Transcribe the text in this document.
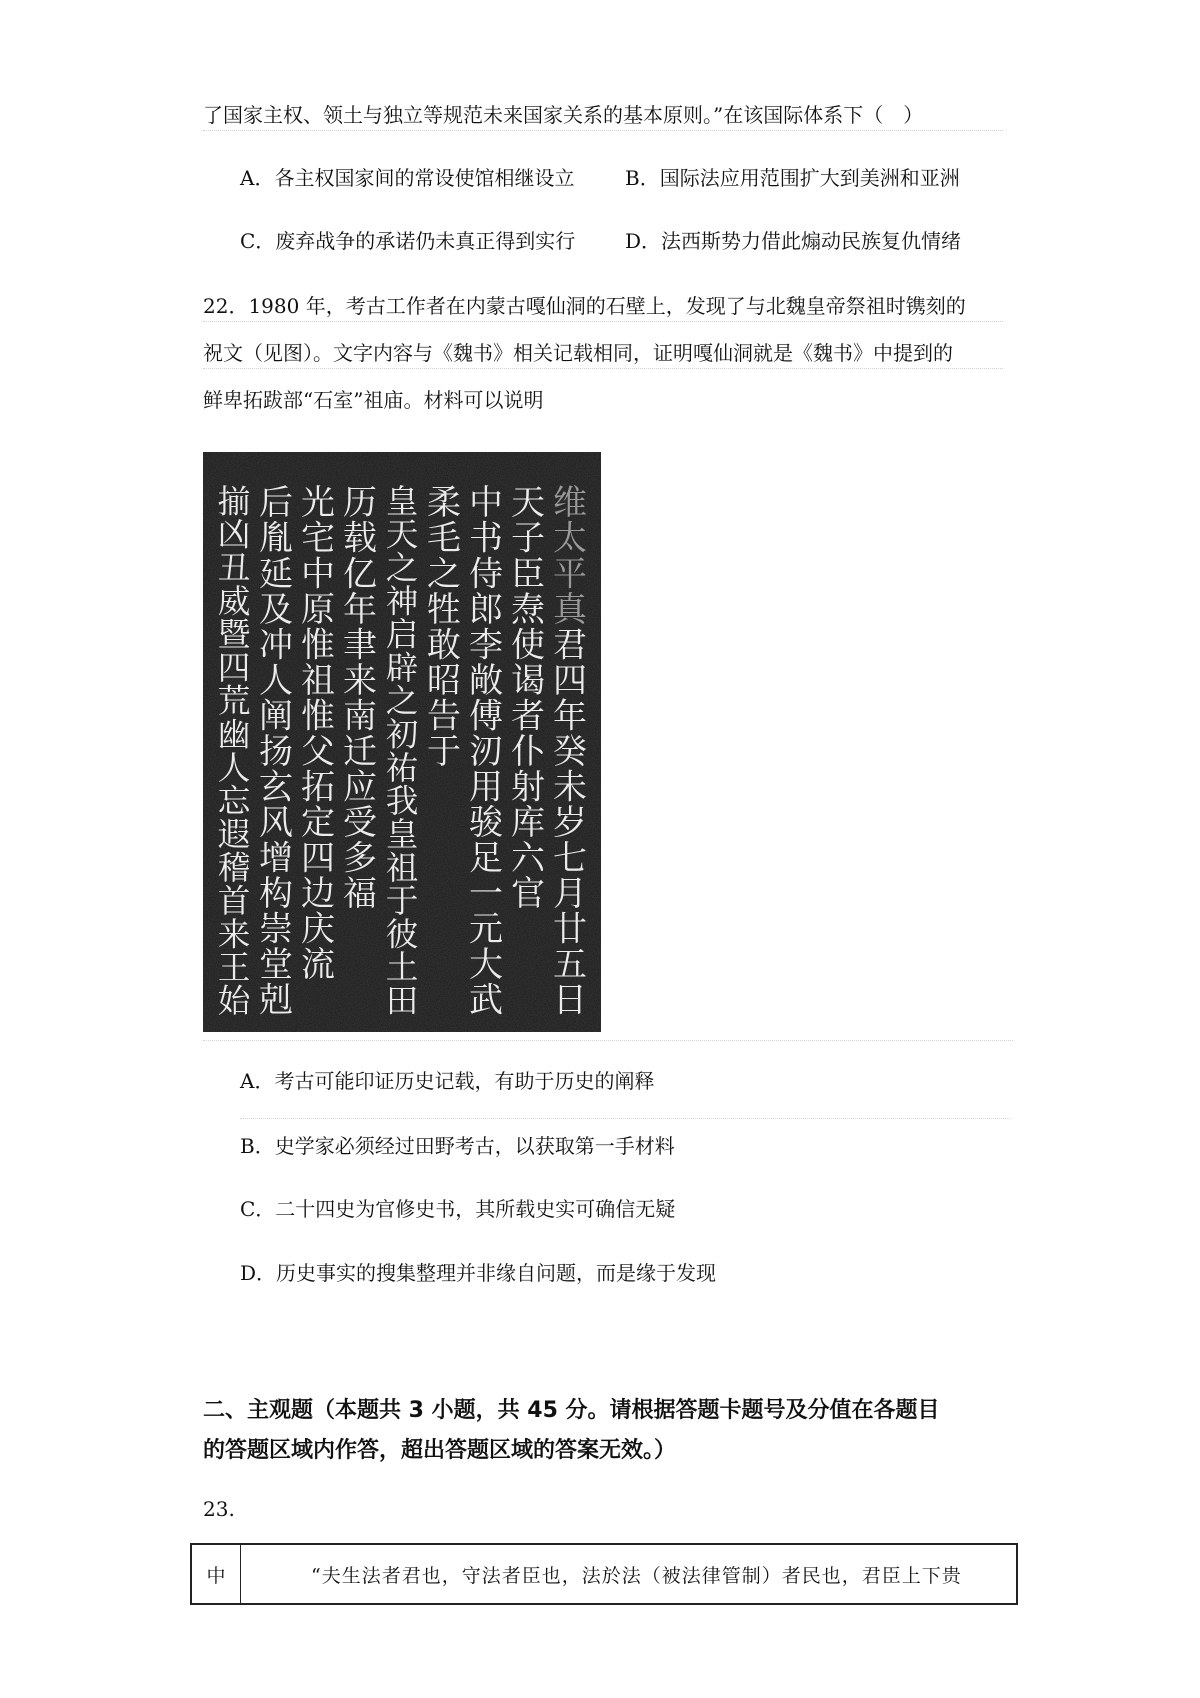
了国家主权、领土与独立等规范未来国家关系的基本原则。”在该国际体系下（　）
A．各主权国家间的常设使馆相继设立	B．国际法应用范围扩大到美洲和亚洲
C．废弃战争的承诺仍未真正得到实行 D．法西斯势力借此煽动民族复仇情绪
22．1980 年，考古工作者在内蒙古嘎仙洞的石壁上，发现了与北魏皇帝祭祖时镌刻的
祝文（见图）。文字内容与《魏书》相关记载相同，证明嘎仙洞就是《魏书》中提到的
鲜卑拓跋部“石室”祖庙。材料可以说明
维
太
平
真
君
四
年
癸
未
岁
七
月
廿
五
日
天
子
臣
焘
使
谒
者
仆
射
库
六
官
中
书
侍
郎
李
敞
傅
㲽
用
骏
足
一
元
大
武
柔
毛
之
牲
敢
昭
告
于
皇
天
之
神
启
辟
之
初
祐
我
皇
祖
于
彼
土
田
历
载
亿
年
聿
来
南
迁
应
受
多
福
光
宅
中
原
惟
祖
惟
父
拓
定
四
边
庆
流
后
胤
延
及
冲
人
阐
扬
玄
风
增
构
崇
堂
剋
揃
凶
丑
威
暨
四
荒
幽
人
忘
遐
稽
首
来
王
始
A．考古可能印证历史记载，有助于历史的阐释
B．史学家必须经过田野考古，以获取第一手材料
C．二十四史为官修史书，其所载史实可确信无疑
D．历史事实的搜集整理并非缘自问题，而是缘于发现
二、主观题（本题共 3 小题，共 45 分。请根据答题卡题号及分值在各题目
的答题区域内作答，超出答题区域的答案无效。）
23.
中	“夫生法者君也，守法者臣也，法於法（被法律管制）者民也，君臣上下贵
